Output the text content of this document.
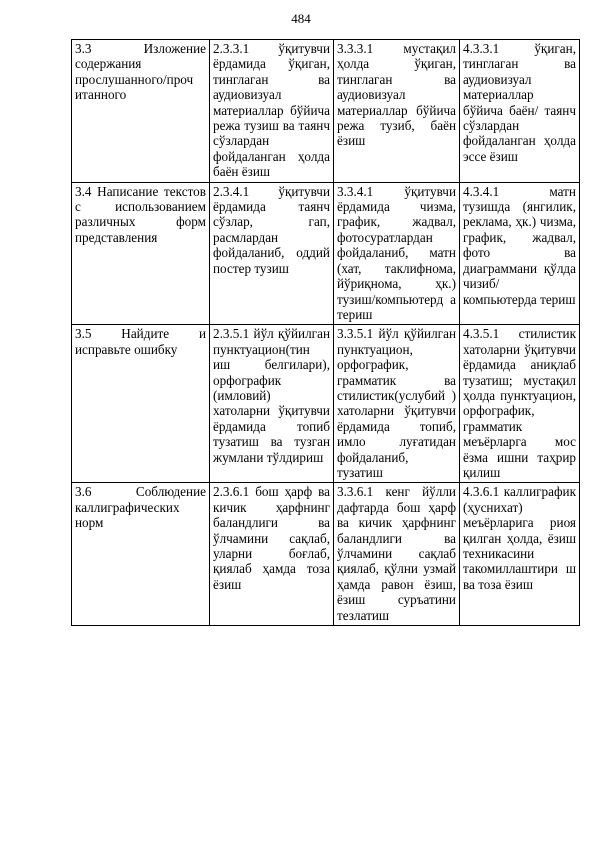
484
3.3 Изложение содержания прослушанного/проч итанного	2.3.3.1 ўқитувчи ёрдамида ўқиган, тинглаган ва аудиовизуал материаллар бўйича режа тузиш ва таянч сўзлардан фойдаланган ҳолда баён ёзиш	3.3.3.1 мустақил ҳолда ўқиган, тинглаган ва аудиовизуал материаллар бўйича режа тузиб, баён ёзиш	4.3.3.1 ўқиган, тинглаган ва аудиовизуал материаллар бўйича баён/ таянч сўзлардан фойдаланган ҳолда эссе ёзиш

3.4 Написание текстов с использованием различных форм представления	2.3.4.1 ўқитувчи ёрдамида таянч сўзлар, гап, расмлардан фойдаланиб, оддий постер тузиш	3.3.4.1 ўқитувчи ёрдамида чизма, график, жадвал, фотосуратлардан фойдаланиб, матн (хат, таклифнома, йўриқнома, ҳк.) тузиш/компьютерд а териш	4.3.4.1 матн тузишда (янгилик, реклама, ҳк.) чизма, график, жадвал, фото ва диаграммани қўлда чизиб/ компьютерда териш

3.5 Найдите и исправьте ошибку	2.3.5.1 йўл қўйилган пунктуацион(тин иш белгилари), орфографик (имловий) хатоларни ўқитувчи ёрдамида топиб тузатиш ва тузган жумлани тўлдириш	3.3.5.1 йўл қўйилган пунктуацион, орфографик, грамматик ва стилистик(услубий ) хатоларни ўқитувчи ёрдамида топиб, имло луғатидан фойдаланиб, тузатиш	4.3.5.1 стилистик хатоларни ўқитувчи ёрдамида аниқлаб тузатиш; мустақил ҳолда пунктуацион, орфографик, грамматик меъёрларга мос ёзма ишни таҳрир қилиш

3.6 Соблюдение каллиграфических норм	2.3.6.1 бош ҳарф ва кичик ҳарфнинг баландлиги ва ўлчамини сақлаб, уларни боғлаб, қиялаб ҳамда тоза ёзиш	3.3.6.1 кенг йўлли дафтарда бош ҳарф ва кичик ҳарфнинг баландлиги ва ўлчамини сақлаб қиялаб, қўлни узмай ҳамда равон ёзиш, ёзиш суръатини тезлатиш	4.3.6.1 каллиграфик (ҳуснихат) меъёрларига риоя қилган ҳолда, ёзиш техникасини такомиллаштири ш ва тоза ёзиш
